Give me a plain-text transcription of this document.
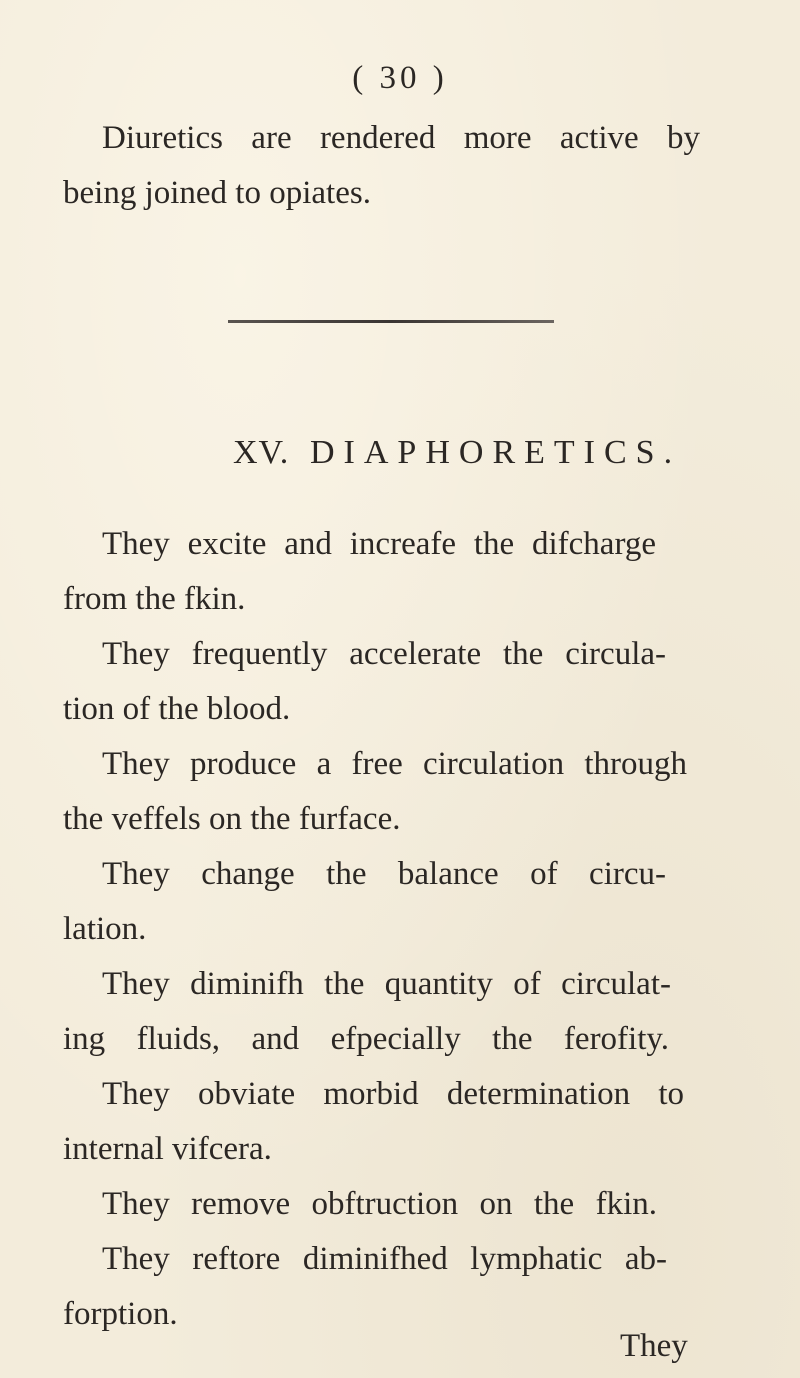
( 30 )
Diuretics are rendered more active by
being joined to opiates.
XV. DIAPHORETICS.
They excite and increafe the difcharge
from the fkin.
They frequently accelerate the circula-
tion of the blood.
They produce a free circulation through
the veffels on the furface.
They change the balance of circu-
lation.
They diminifh the quantity of circulat-
ing fluids, and efpecially the ferofity.
They obviate morbid determination to
internal vifcera.
They remove obftruction on the fkin.
They reftore diminifhed lymphatic ab-
forption.
They
